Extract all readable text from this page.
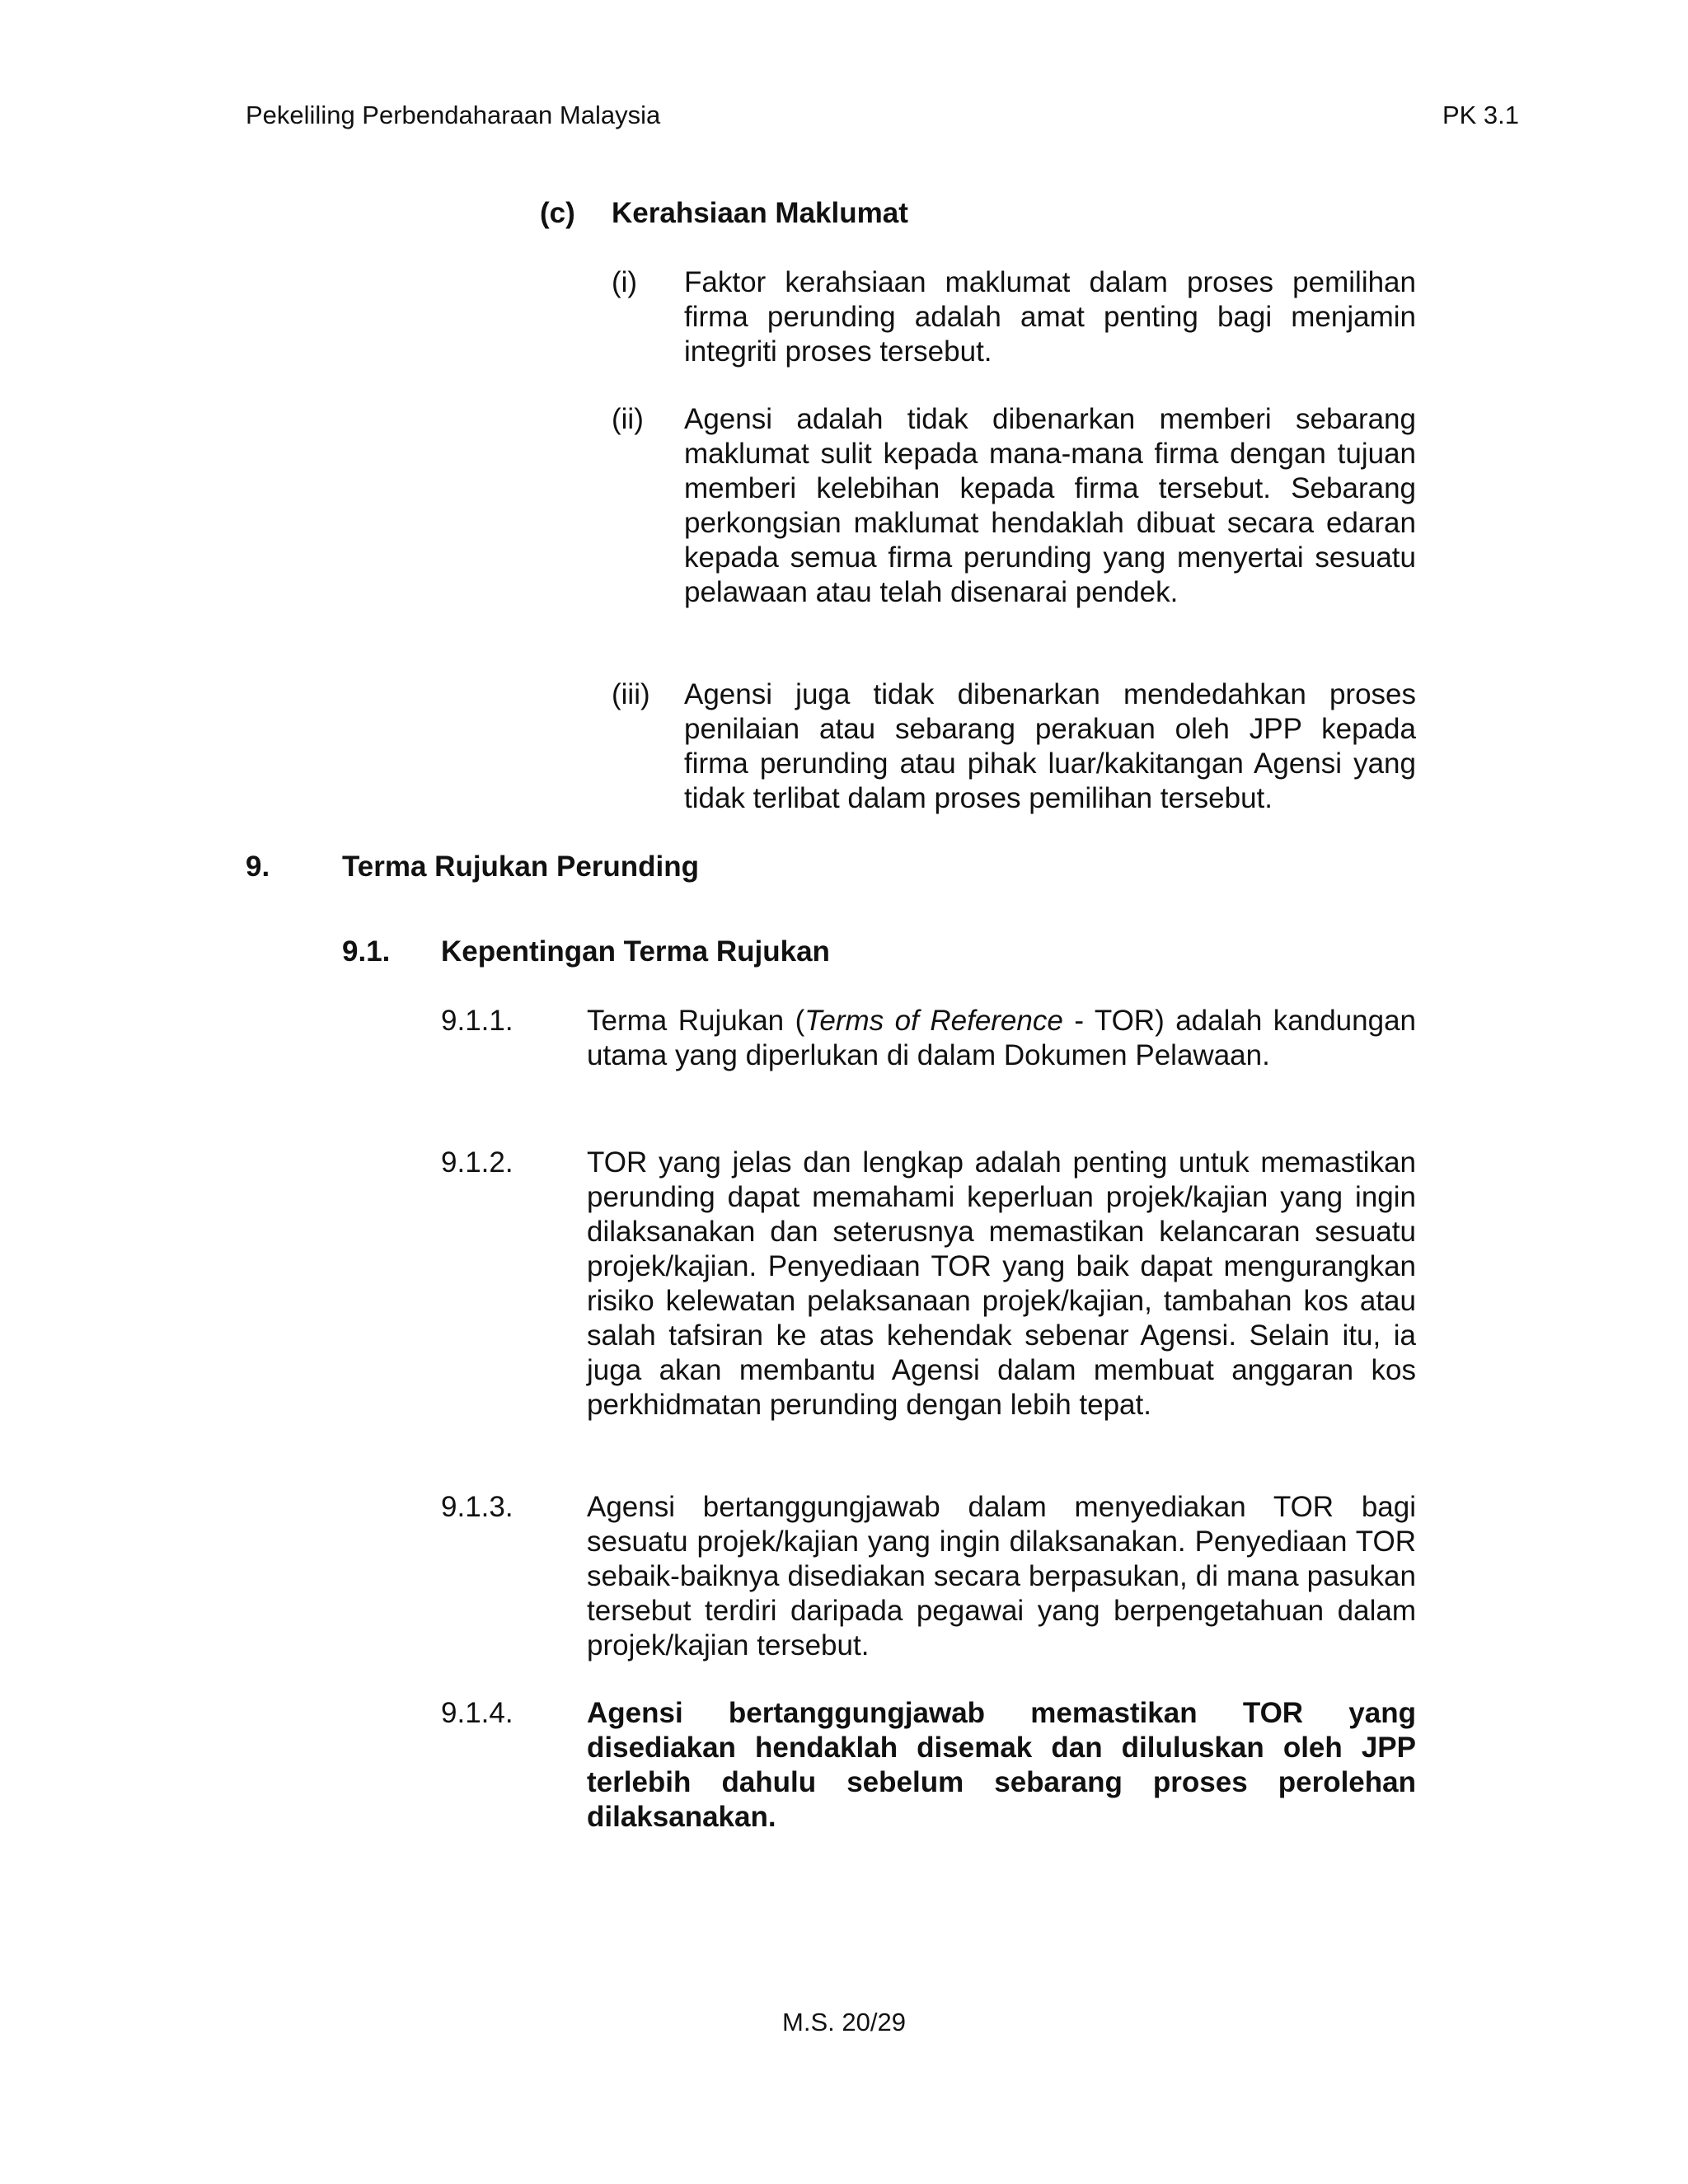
Pekeliling Perbendaharaan Malaysia	PK 3.1
(c) Kerahsiaan Maklumat
(i) Faktor kerahsiaan maklumat dalam proses pemilihan firma perunding adalah amat penting bagi menjamin integriti proses tersebut.

(ii) Agensi adalah tidak dibenarkan memberi sebarang maklumat sulit kepada mana-mana firma dengan tujuan memberi kelebihan kepada firma tersebut. Sebarang perkongsian maklumat hendaklah dibuat secara edaran kepada semua firma perunding yang menyertai sesuatu pelawaan atau telah disenarai pendek.

(iii) Agensi juga tidak dibenarkan mendedahkan proses penilaian atau sebarang perakuan oleh JPP kepada firma perunding atau pihak luar/kakitangan Agensi yang tidak terlibat dalam proses pemilihan tersebut.

9.	Terma Rujukan Perunding
9.1. Kepentingan Terma Rujukan
9.1.1.	Terma Rujukan (Terms of Reference - TOR) adalah kandungan utama yang diperlukan di dalam Dokumen Pelawaan.

9.1.2.	TOR yang jelas dan lengkap adalah penting untuk memastikan perunding dapat memahami keperluan projek/kajian yang ingin dilaksanakan dan seterusnya memastikan kelancaran sesuatu projek/kajian. Penyediaan TOR yang baik dapat mengurangkan risiko kelewatan pelaksanaan projek/kajian, tambahan kos atau salah tafsiran ke atas kehendak sebenar Agensi. Selain itu, ia juga akan membantu Agensi dalam membuat anggaran kos perkhidmatan perunding dengan lebih tepat.

9.1.3.	Agensi bertanggungjawab dalam menyediakan TOR bagi sesuatu projek/kajian yang ingin dilaksanakan. Penyediaan TOR sebaik-baiknya disediakan secara berpasukan, di mana pasukan tersebut terdiri daripada pegawai yang berpengetahuan dalam projek/kajian tersebut.

9.1.4.	Agensi bertanggungjawab memastikan TOR yang disediakan hendaklah disemak dan diluluskan oleh JPP terlebih dahulu sebelum sebarang proses perolehan dilaksanakan.

M.S. 20/29
